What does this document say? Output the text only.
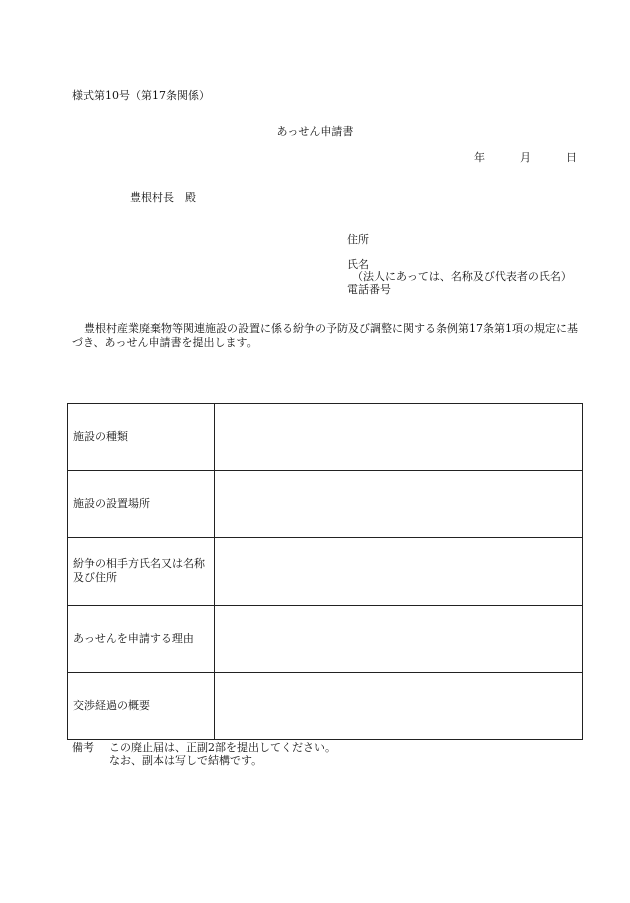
様式第10号（第17条関係）
あっせん申請書
年	月	日
豊根村長　殿
住所
氏名
（法人にあっては、名称及び代表者の氏名）
電話番号
豊根村産業廃棄物等関連施設の設置に係る紛争の予防及び調整に関する条例第17条第1項の規定に基づき、あっせん申請書を提出します。
施設の種類	
施設の設置場所	
紛争の相手方氏名又は名称及び住所	
あっせんを申請する理由	
交渉経過の概要	
備考 この廃止届は、正副2部を提出してください。
なお、副本は写しで結構です。
